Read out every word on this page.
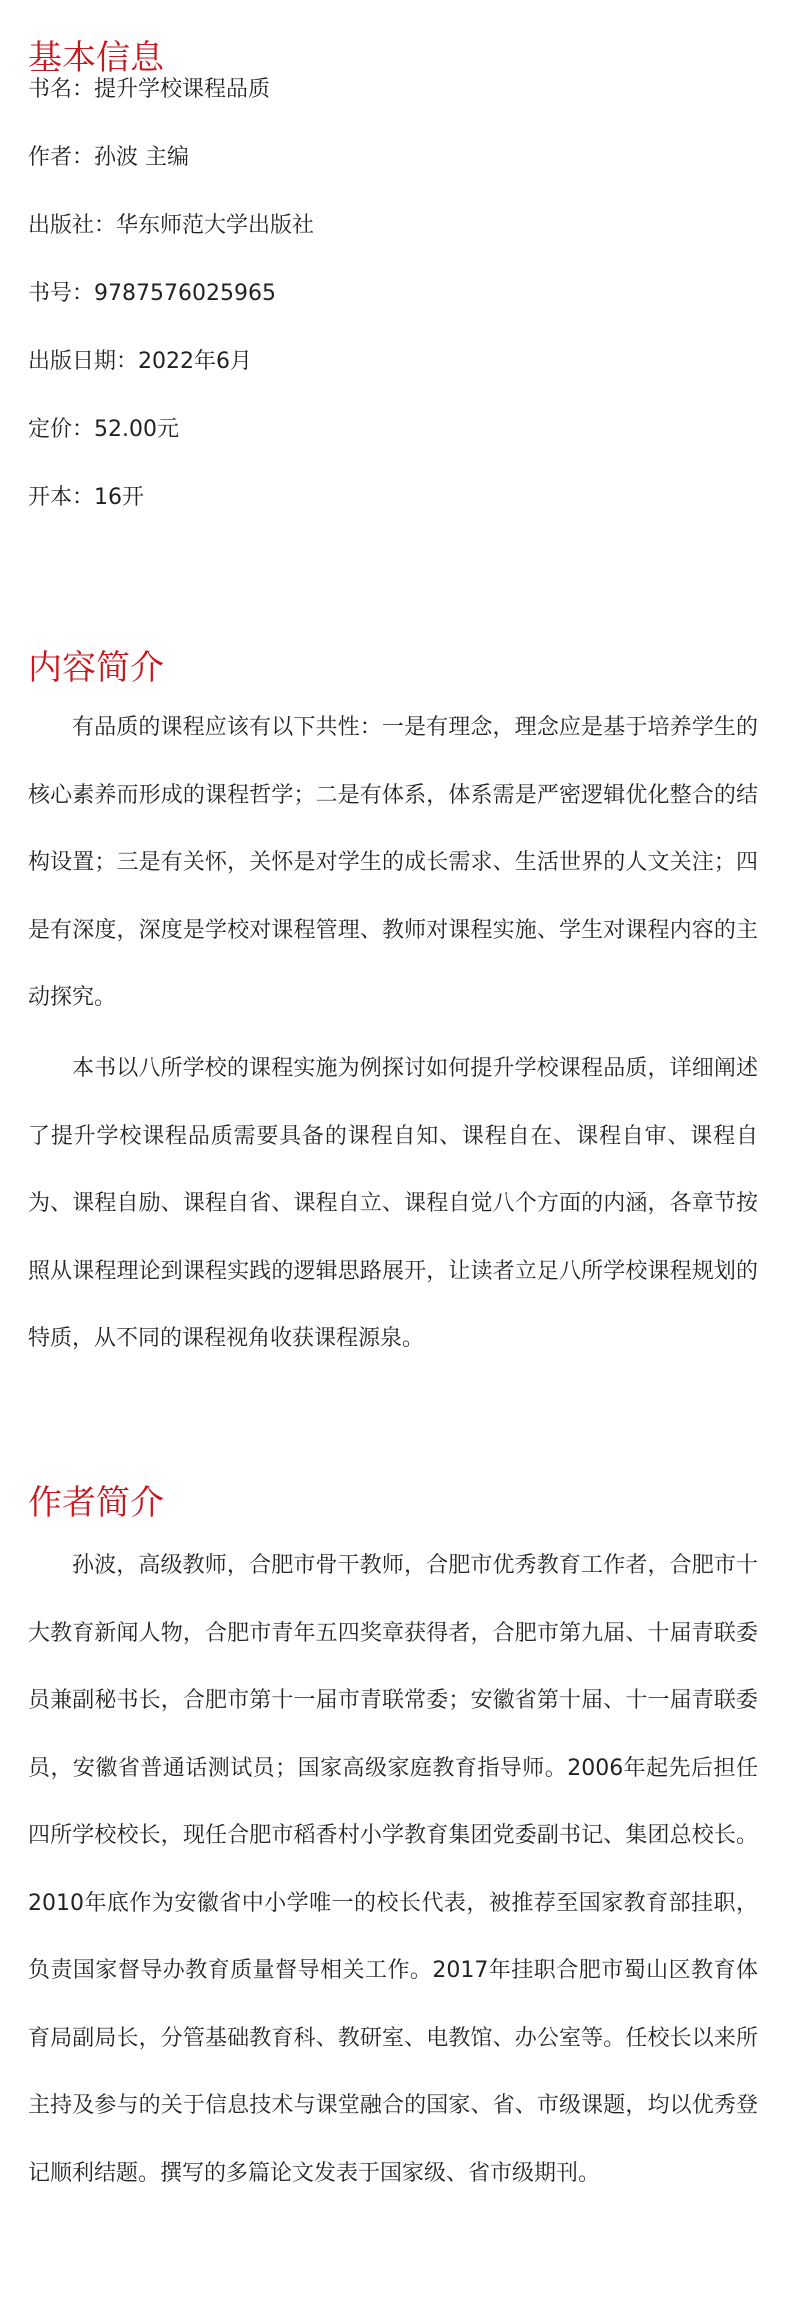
基本信息

书名：提升学校课程品质

作者：孙波 主编

出版社：华东师范大学出版社

书号：9787576025965

出版日期：2022年6月

定价：52.00元

开本：16开

内容简介

有品质的课程应该有以下共性：一是有理念，理念应是基于培养学生的核心素养而形成的课程哲学；二是有体系，体系需是严密逻辑优化整合的结构设置；三是有关怀，关怀是对学生的成长需求、生活世界的人文关注；四是有深度，深度是学校对课程管理、教师对课程实施、学生对课程内容的主动探究。

本书以八所学校的课程实施为例探讨如何提升学校课程品质，详细阐述了提升学校课程品质需要具备的课程自知、课程自在、课程自审、课程自为、课程自励、课程自省、课程自立、课程自觉八个方面的内涵，各章节按照从课程理论到课程实践的逻辑思路展开，让读者立足八所学校课程规划的特质，从不同的课程视角收获课程源泉。

作者简介

孙波，高级教师，合肥市骨干教师，合肥市优秀教育工作者，合肥市十大教育新闻人物，合肥市青年五四奖章获得者，合肥市第九届、十届青联委员兼副秘书长，合肥市第十一届市青联常委；安徽省第十届、十一届青联委员，安徽省普通话测试员；国家高级家庭教育指导师。2006年起先后担任四所学校校长，现任合肥市稻香村小学教育集团党委副书记、集团总校长。2010年底作为安徽省中小学唯一的校长代表，被推荐至国家教育部挂职，负责国家督导办教育质量督导相关工作。2017年挂职合肥市蜀山区教育体育局副局长，分管基础教育科、教研室、电教馆、办公室等。任校长以来所主持及参与的关于信息技术与课堂融合的国家、省、市级课题，均以优秀登记顺利结题。撰写的多篇论文发表于国家级、省市级期刊。
